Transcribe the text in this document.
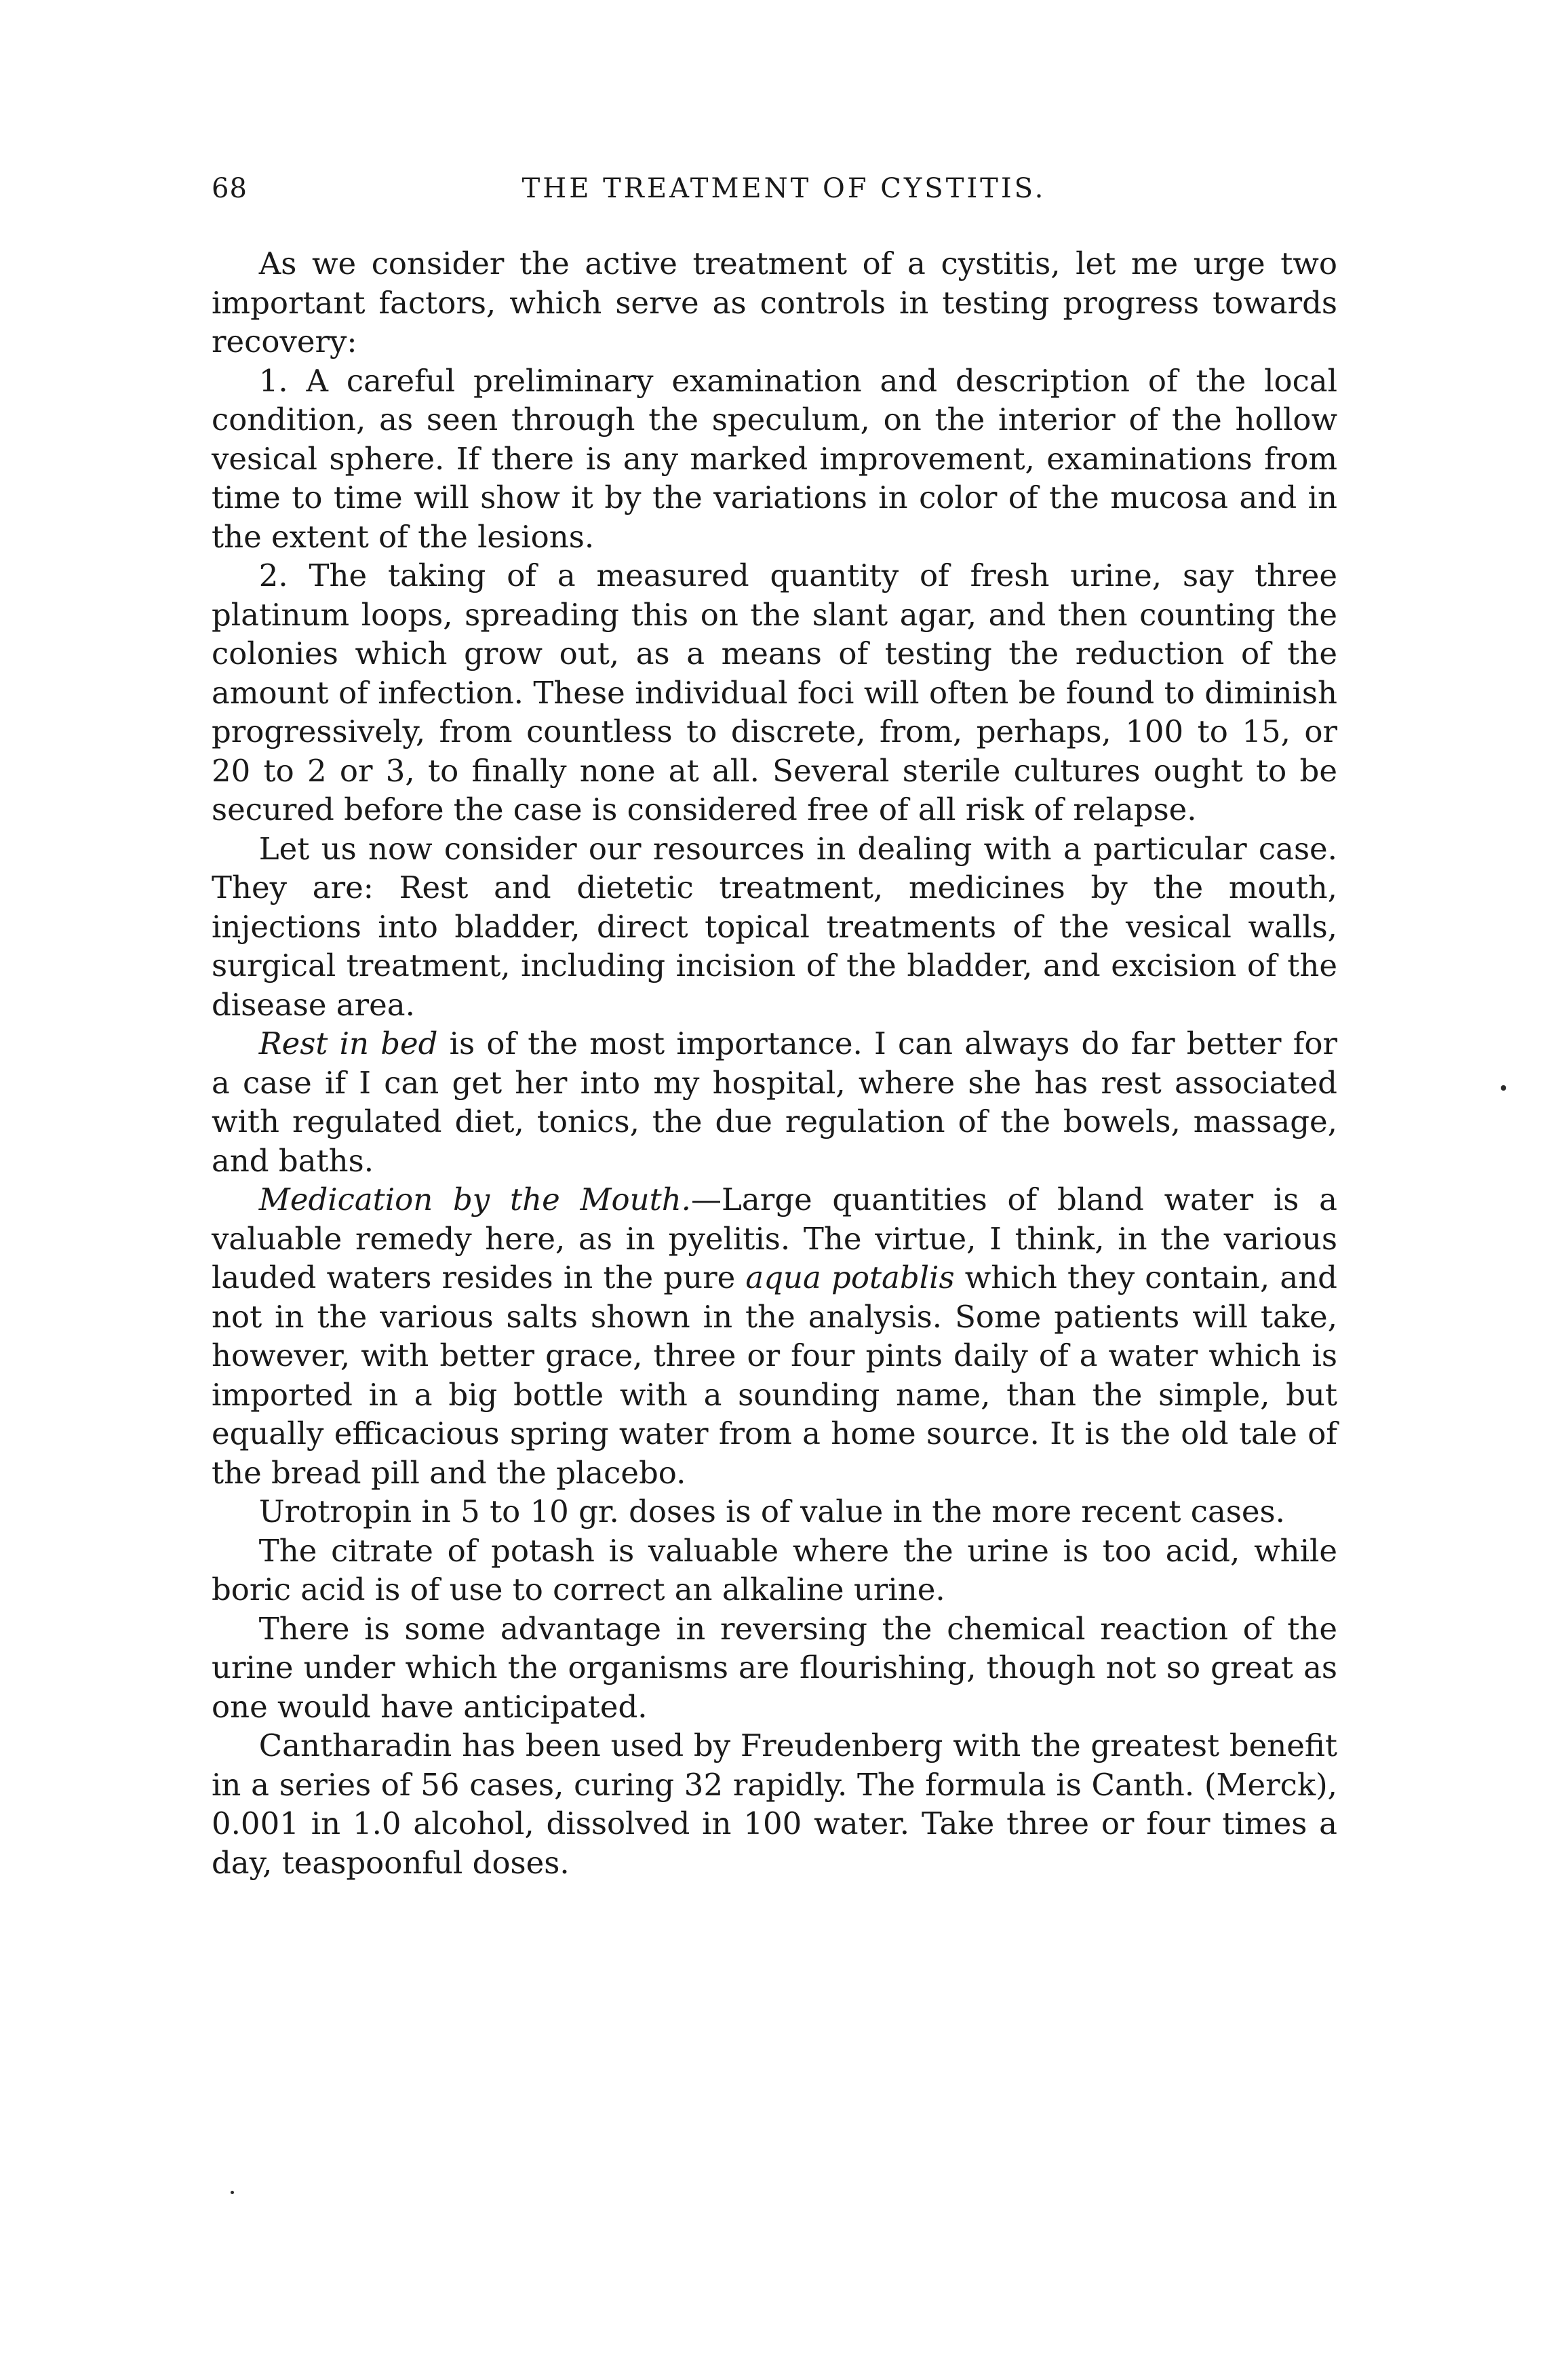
68	THE TREATMENT OF CYSTITIS.

As we consider the active treatment of a cystitis, let me urge two important factors, which serve as controls in testing progress towards recovery:

1. A careful preliminary examination and description of the local condition, as seen through the speculum, on the interior of the hollow vesical sphere. If there is any marked improvement, examinations from time to time will show it by the variations in color of the mucosa and in the extent of the lesions.

2. The taking of a measured quantity of fresh urine, say three platinum loops, spreading this on the slant agar, and then counting the colonies which grow out, as a means of testing the reduction of the amount of infection. These individual foci will often be found to diminish progressively, from countless to discrete, from, perhaps, 100 to 15, or 20 to 2 or 3, to finally none at all. Several sterile cultures ought to be secured before the case is considered free of all risk of relapse.

Let us now consider our resources in dealing with a particular case. They are: Rest and dietetic treatment, medicines by the mouth, injections into bladder, direct topical treatments of the vesical walls, surgical treatment, including incision of the bladder, and excision of the disease area.

Rest in bed is of the most importance. I can always do far better for a case if I can get her into my hospital, where she has rest associated with regulated diet, tonics, the due regulation of the bowels, massage, and baths.

Medication by the Mouth.—Large quantities of bland water is a valuable remedy here, as in pyelitis. The virtue, I think, in the various lauded waters resides in the pure aqua potablis which they contain, and not in the various salts shown in the analysis. Some patients will take, however, with better grace, three or four pints daily of a water which is imported in a big bottle with a sounding name, than the simple, but equally efficacious spring water from a home source. It is the old tale of the bread pill and the placebo.

Urotropin in 5 to 10 gr. doses is of value in the more recent cases.

The citrate of potash is valuable where the urine is too acid, while boric acid is of use to correct an alkaline urine.

There is some advantage in reversing the chemical reaction of the urine under which the organisms are flourishing, though not so great as one would have anticipated.

Cantharadin has been used by Freudenberg with the greatest benefit in a series of 56 cases, curing 32 rapidly. The formula is Canth. (Merck), 0.001 in 1.0 alcohol, dissolved in 100 water. Take three or four times a day, teaspoonful doses.
